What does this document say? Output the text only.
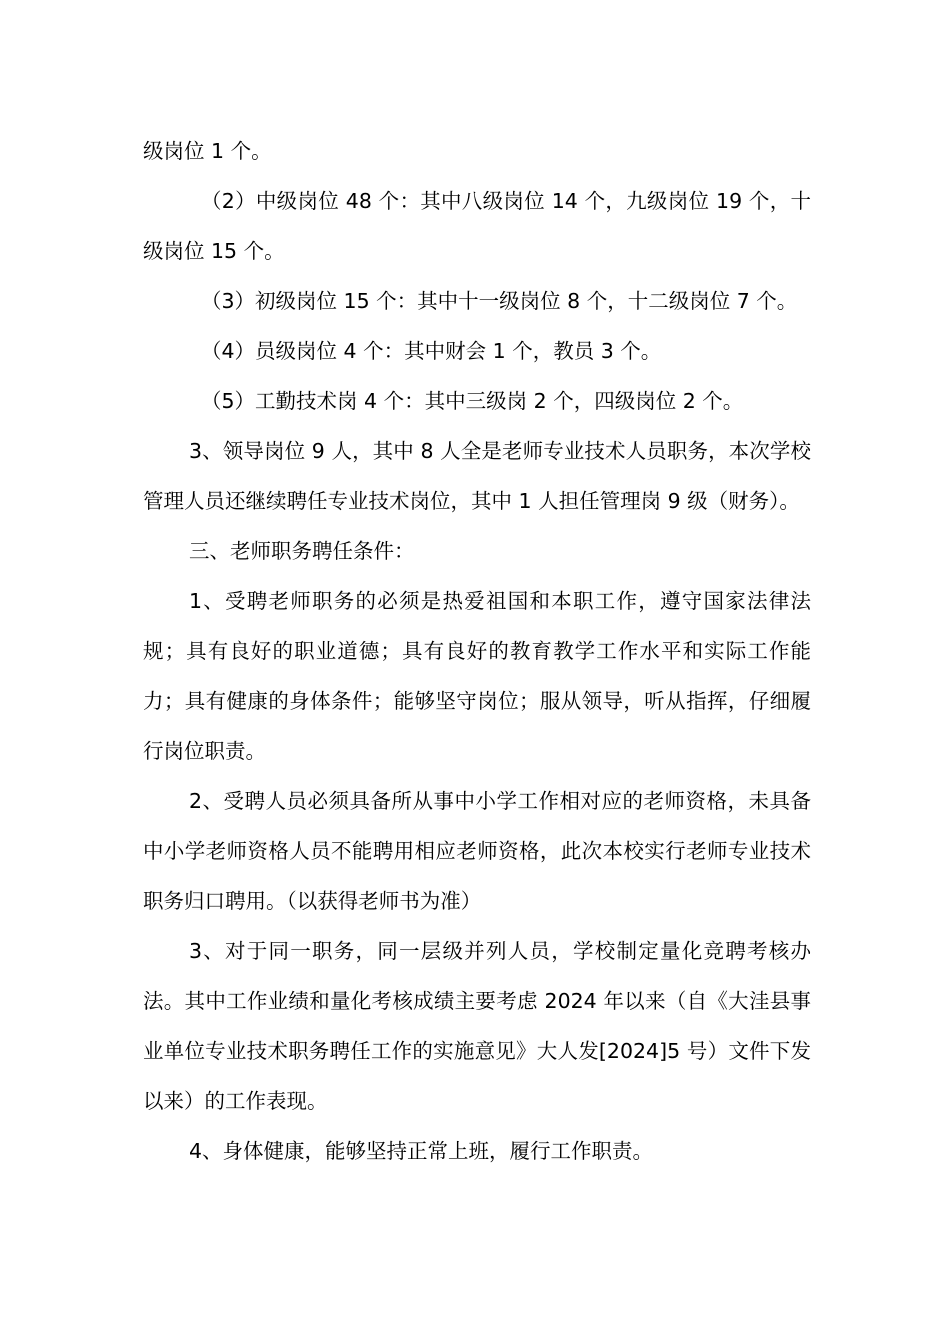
级岗位 1 个。

（2）中级岗位 48 个：其中八级岗位 14 个，九级岗位 19 个，十级岗位 15 个。

（3）初级岗位 15 个：其中十一级岗位 8 个，十二级岗位 7 个。

（4）员级岗位 4 个：其中财会 1 个，教员 3 个。

（5）工勤技术岗 4 个：其中三级岗 2 个，四级岗位 2 个。

3、领导岗位 9 人，其中 8 人全是老师专业技术人员职务，本次学校管理人员还继续聘任专业技术岗位，其中 1 人担任管理岗 9 级（财务）。

三、老师职务聘任条件：

1、受聘老师职务的必须是热爱祖国和本职工作，遵守国家法律法规；具有良好的职业道德；具有良好的教育教学工作水平和实际工作能力；具有健康的身体条件；能够坚守岗位；服从领导，听从指挥，仔细履行岗位职责。

2、受聘人员必须具备所从事中小学工作相对应的老师资格，未具备中小学老师资格人员不能聘用相应老师资格，此次本校实行老师专业技术职务归口聘用。（以获得老师书为准）

3、对于同一职务，同一层级并列人员，学校制定量化竞聘考核办法。其中工作业绩和量化考核成绩主要考虑 2024 年以来（自《大洼县事业单位专业技术职务聘任工作的实施意见》大人发[2024]5 号）文件下发以来）的工作表现。

4、身体健康，能够坚持正常上班，履行工作职责。
